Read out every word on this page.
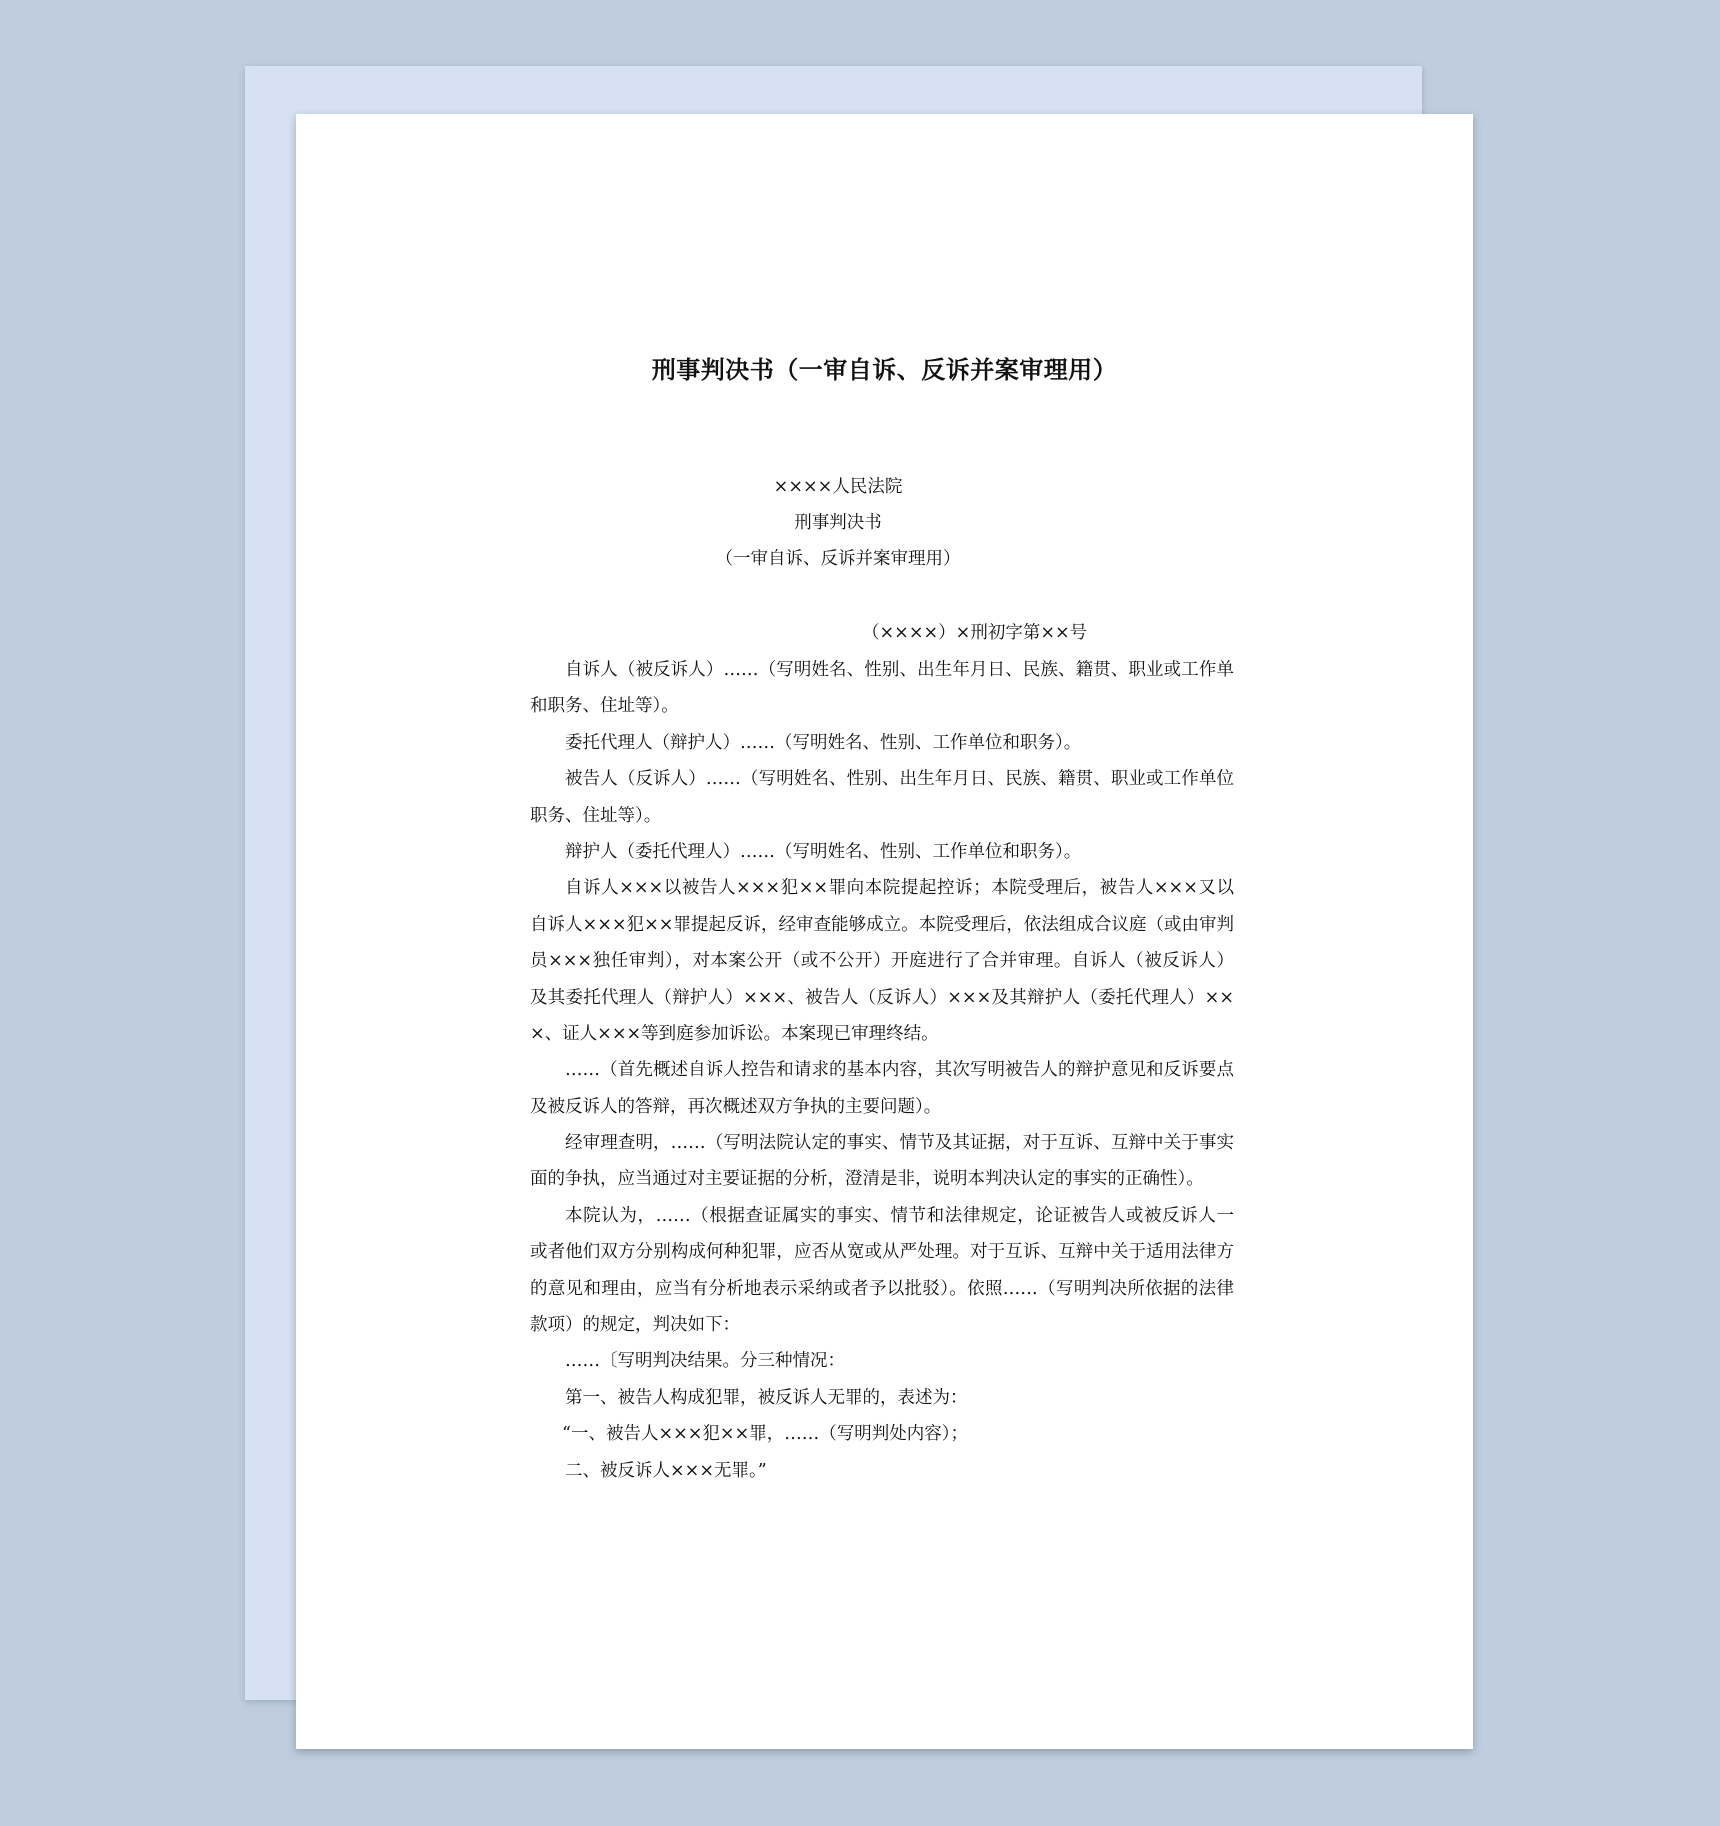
刑事判决书（一审自诉、反诉并案审理用）
××××人民法院
刑事判决书
（一审自诉、反诉并案审理用）
（××××）×刑初字第××号
自诉人（被反诉人）……（写明姓名、性别、出生年月日、民族、籍贯、职业或工作单
和职务、住址等）。
委托代理人（辩护人）……（写明姓名、性别、工作单位和职务）。
被告人（反诉人）……（写明姓名、性别、出生年月日、民族、籍贯、职业或工作单位
职务、住址等）。
辩护人（委托代理人）……（写明姓名、性别、工作单位和职务）。
自诉人×××以被告人×××犯××罪向本院提起控诉；本院受理后，被告人×××又以
自诉人×××犯××罪提起反诉，经审查能够成立。本院受理后，依法组成合议庭（或由审判
员×××独任审判），对本案公开（或不公开）开庭进行了合并审理。自诉人（被反诉人）
及其委托代理人（辩护人）×××、被告人（反诉人）×××及其辩护人（委托代理人）××
×、证人×××等到庭参加诉讼。本案现已审理终结。
……（首先概述自诉人控告和请求的基本内容，其次写明被告人的辩护意见和反诉要点
及被反诉人的答辩，再次概述双方争执的主要问题）。
经审理查明，……（写明法院认定的事实、情节及其证据，对于互诉、互辩中关于事实
面的争执，应当通过对主要证据的分析，澄清是非，说明本判决认定的事实的正确性）。
本院认为，……（根据查证属实的事实、情节和法律规定，论证被告人或被反诉人一
或者他们双方分别构成何种犯罪，应否从宽或从严处理。对于互诉、互辩中关于适用法律方
的意见和理由，应当有分析地表示采纳或者予以批驳）。依照……（写明判决所依据的法律
款项）的规定，判决如下：
……〔写明判决结果。分三种情况：
第一、被告人构成犯罪，被反诉人无罪的，表述为：
“一、被告人×××犯××罪，……（写明判处内容）；
二、被反诉人×××无罪。”
